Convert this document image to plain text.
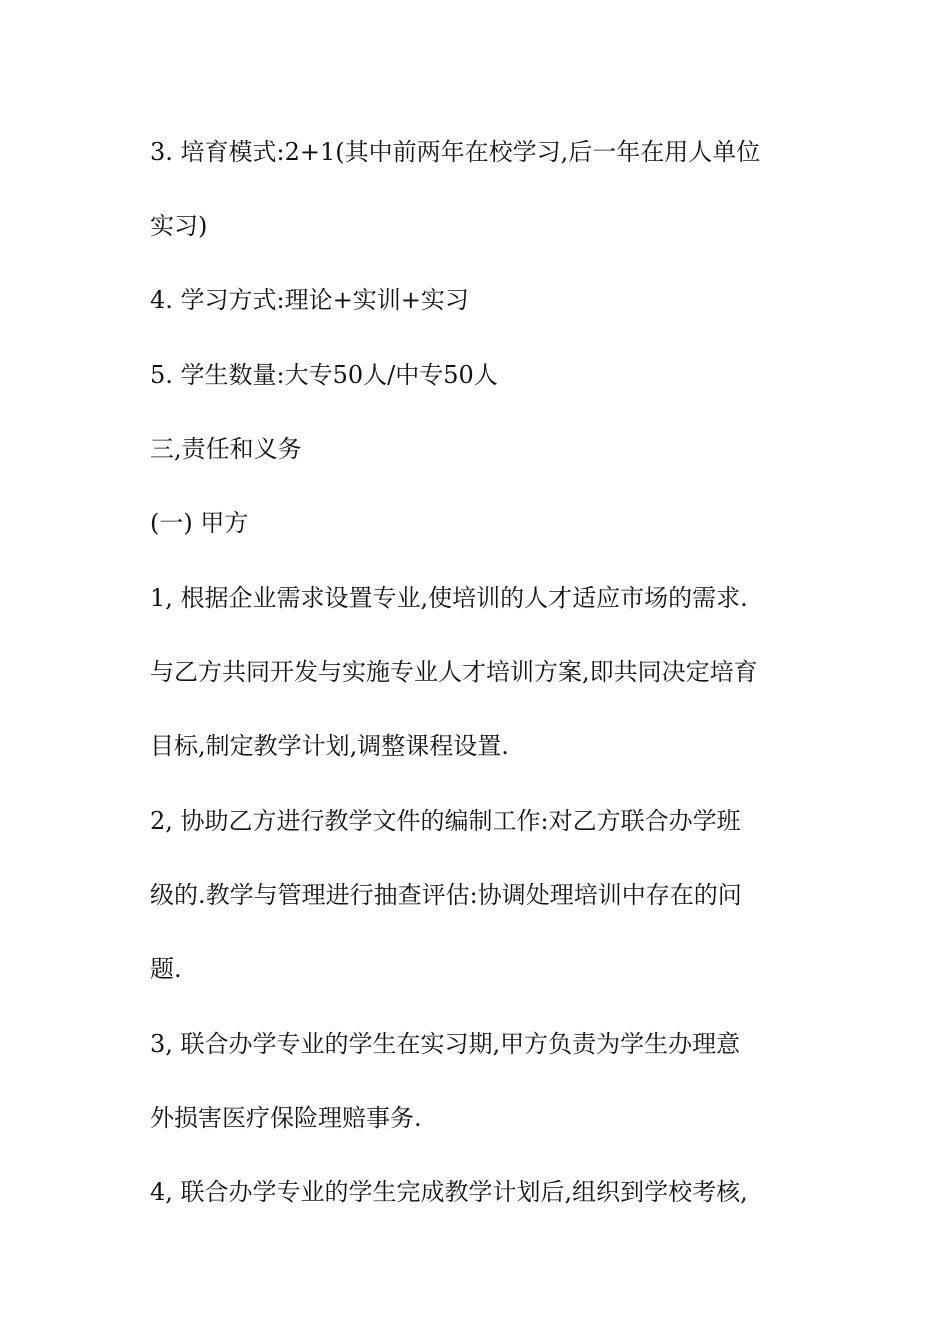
3. 培育模式:2+1(其中前两年在校学习,后一年在用人单位
实习)
4. 学习方式:理论+实训+实习
5. 学生数量:大专50人/中专50人
三,责任和义务
(一) 甲方
1, 根据企业需求设置专业,使培训的人才适应市场的需求.
与乙方共同开发与实施专业人才培训方案,即共同决定培育
目标,制定教学计划,调整课程设置.
2, 协助乙方进行教学文件的编制工作:对乙方联合办学班
级的.教学与管理进行抽查评估:协调处理培训中存在的问
题.
3, 联合办学专业的学生在实习期,甲方负责为学生办理意
外损害医疗保险理赔事务.
4, 联合办学专业的学生完成教学计划后,组织到学校考核,
